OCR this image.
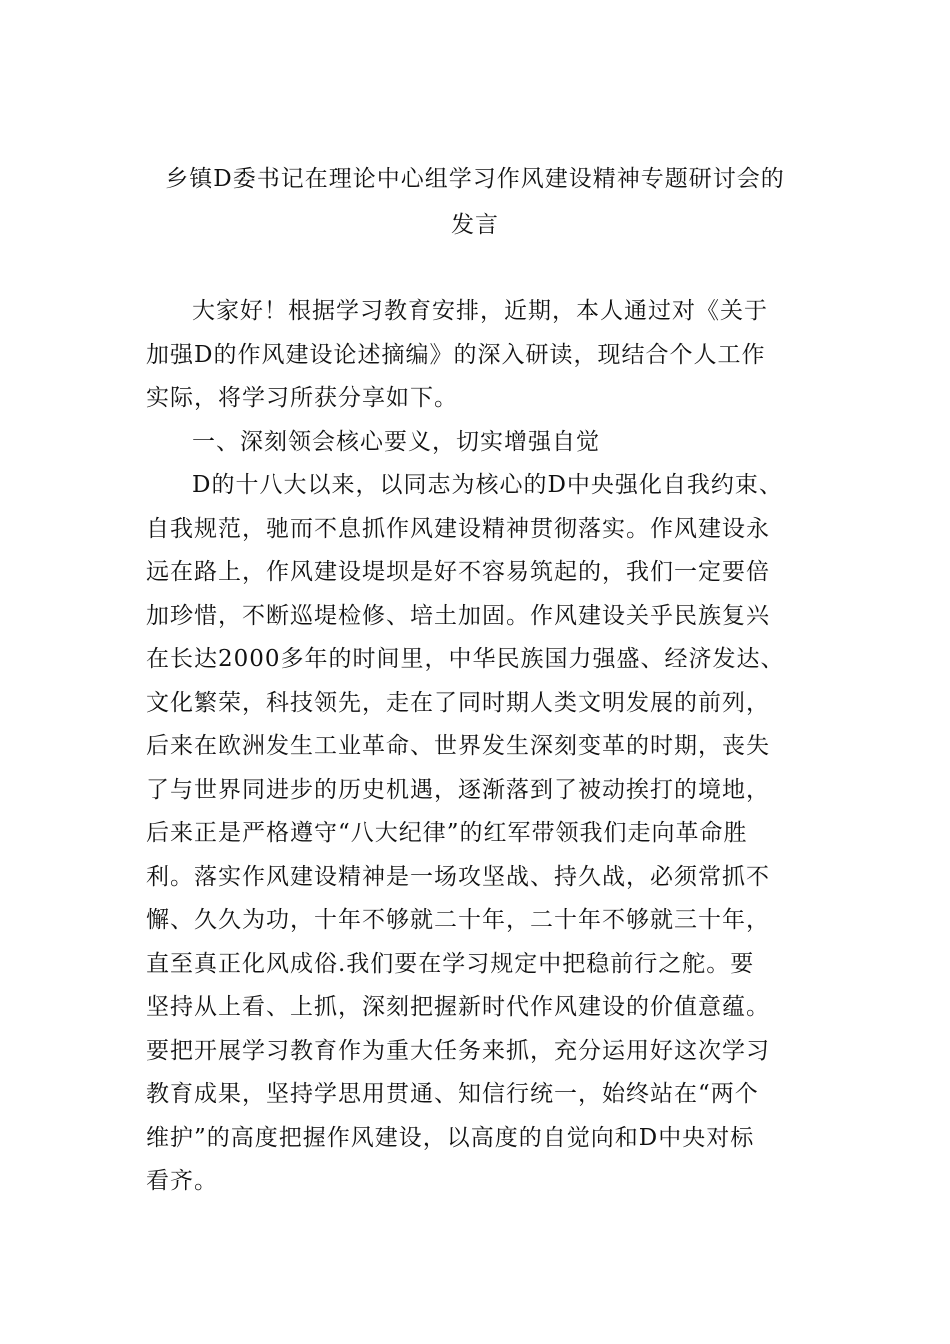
乡镇D委书记在理论中心组学习作风建设精神专题研讨会的
发言
大家好！根据学习教育安排，近期，本人通过对《关于
加强D的作风建设论述摘编》的深入研读，现结合个人工作
实际，将学习所获分享如下。
一、深刻领会核心要义，切实增强自觉
D的十八大以来，以同志为核心的D中央强化自我约束、
自我规范，驰而不息抓作风建设精神贯彻落实。作风建设永
远在路上，作风建设堤坝是好不容易筑起的，我们一定要倍
加珍惜，不断巡堤检修、培土加固。作风建设关乎民族复兴
在长达2000多年的时间里，中华民族国力强盛、经济发达、
文化繁荣，科技领先，走在了同时期人类文明发展的前列，
后来在欧洲发生工业革命、世界发生深刻变革的时期，丧失
了与世界同进步的历史机遇，逐渐落到了被动挨打的境地，
后来正是严格遵守“八大纪律”的红军带领我们走向革命胜
利。落实作风建设精神是一场攻坚战、持久战，必须常抓不
懈、久久为功，十年不够就二十年，二十年不够就三十年，
直至真正化风成俗.我们要在学习规定中把稳前行之舵。要
坚持从上看、上抓，深刻把握新时代作风建设的价值意蕴。
要把开展学习教育作为重大任务来抓，充分运用好这次学习
教育成果，坚持学思用贯通、知信行统一，始终站在“两个
维护”的高度把握作风建设，以高度的自觉向和D中央对标
看齐。
